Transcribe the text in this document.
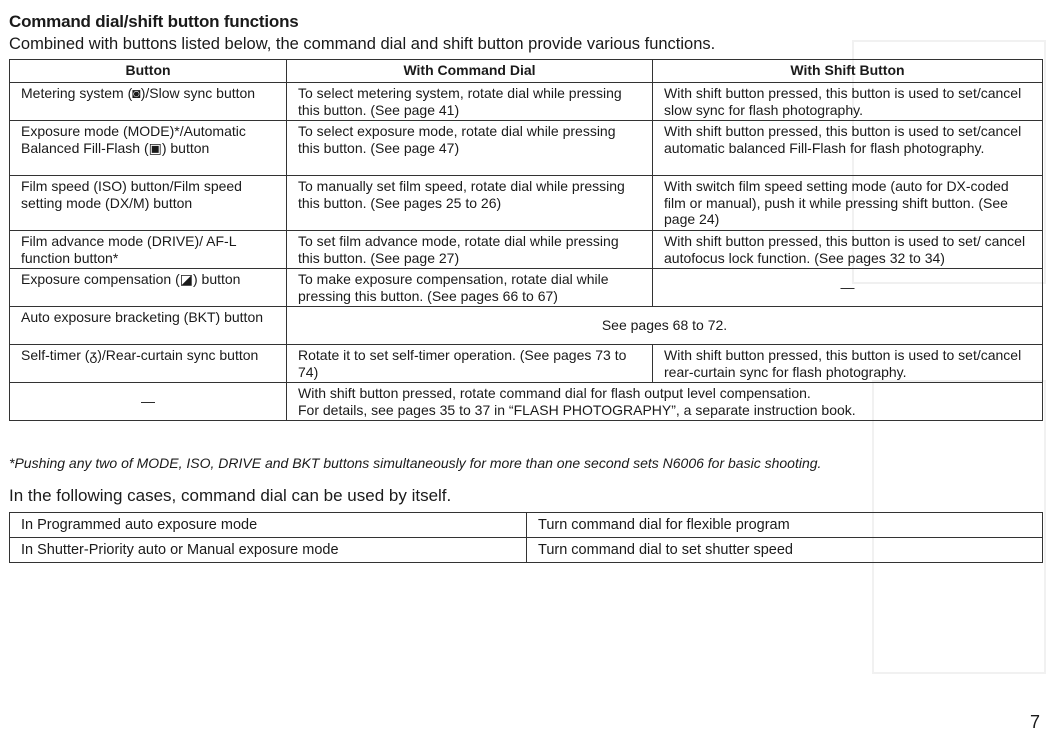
Command dial/shift button functions
Combined with buttons listed below, the command dial and shift button provide various functions.
Button	With Command Dial	With Shift Button
Metering system (◙)/Slow sync button	To select metering system, rotate dial while pressing this button. (See page 41)	With shift button pressed, this button is used to set/cancel slow sync for flash photography.
Exposure mode (MODE)*/Automatic Balanced Fill-Flash (▣) button	To select exposure mode, rotate dial while pressing this button. (See page 47)	With shift button pressed, this button is used to set/cancel automatic balanced Fill-Flash for flash photography.
Film speed (ISO) button/Film speed setting mode (DX/M) button	To manually set film speed, rotate dial while pressing this button. (See pages 25 to 26)	With switch film speed setting mode (auto for DX-coded film or manual), push it while pressing shift button. (See page 24)
Film advance mode (DRIVE)/ AF-L function button*	To set film advance mode, rotate dial while pressing this button. (See page 27)	With shift button pressed, this button is used to set/ cancel autofocus lock function. (See pages 32 to 34)
Exposure compensation (◪) button	To make exposure compensation, rotate dial while pressing this button. (See pages 66 to 67)	—
Auto exposure bracketing (BKT) button	See pages 68 to 72.	
Self-timer (ᵹ)/Rear-curtain sync button	Rotate it to set self-timer operation. (See pages 73 to 74)	With shift button pressed, this button is used to set/cancel rear-curtain sync for flash photography.
—	With shift button pressed, rotate command dial for flash output level compensation.
For details, see pages 35 to 37 in “FLASH PHOTOGRAPHY”, a separate instruction book.	
*Pushing any two of MODE, ISO, DRIVE and BKT buttons simultaneously for more than one second sets N6006 for basic shooting.
In the following cases, command dial can be used by itself.
In Programmed auto exposure mode	Turn command dial for flexible program
In Shutter-Priority auto or Manual exposure mode	Turn command dial to set shutter speed
7
